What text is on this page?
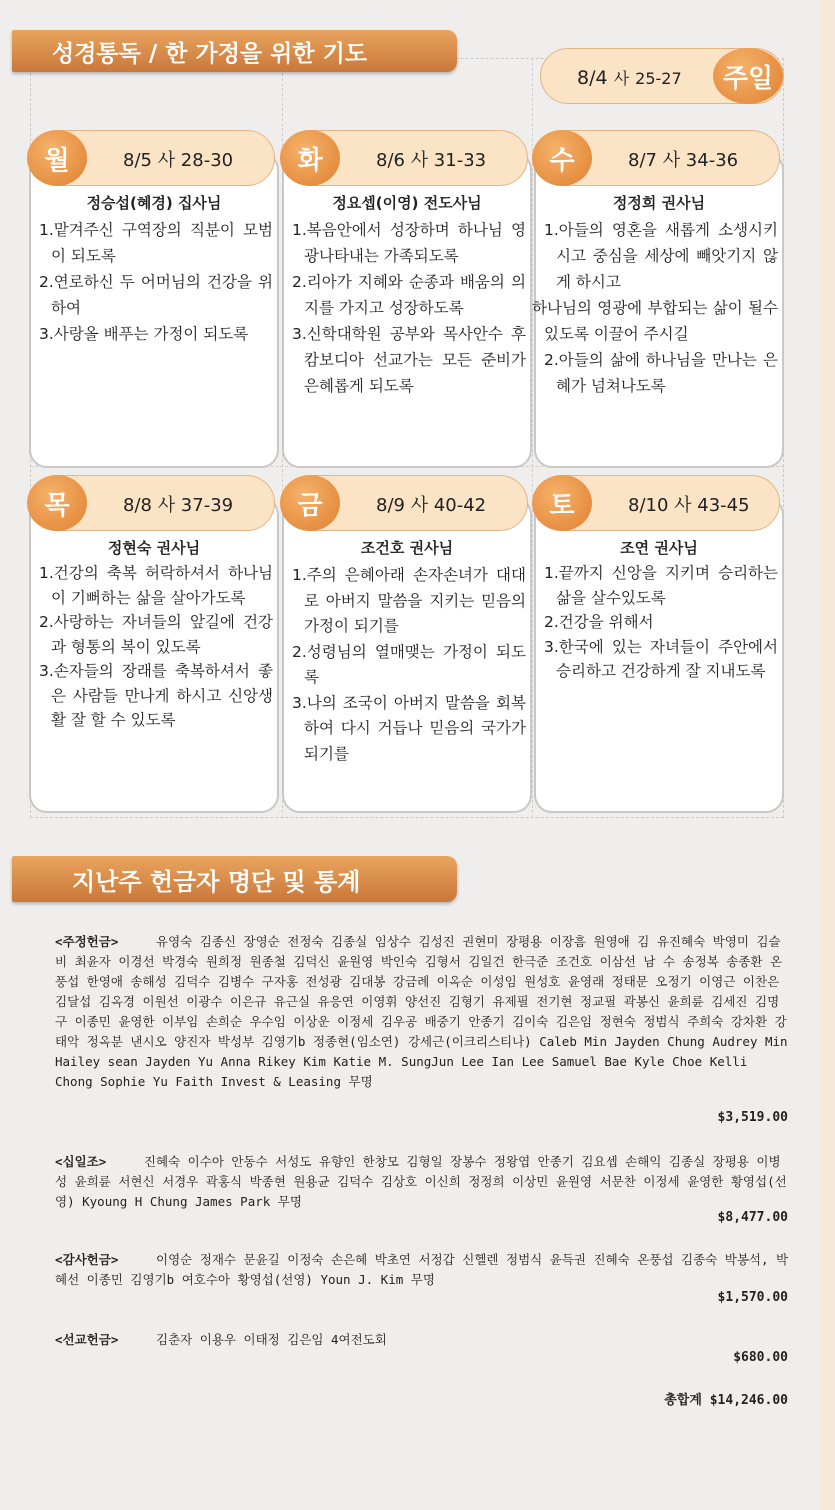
성경통독 / 한 가정을 위한 기도
8/4 사 25-27	주일
월	8/5 사 28-30
정승섭(혜경) 집사님
1.맡겨주신 구역장의 직분이 모범이 되도록
2.연로하신 두 어머님의 건강을 위하여
3.사랑올 배푸는 가정이 되도록
화	8/6 사 31-33
정요셉(이영) 전도사님
1.복음안에서 성장하며 하나님 영광나타내는 가족되도록
2.리아가 지혜와 순종과 배움의 의지를 가지고 성장하도록
3.신학대학원 공부와 목사안수 후 캄보디아 선교가는 모든 준비가 은혜롭게 되도록
수	8/7 사 34-36
정정희 권사님
1.아들의 영혼을 새롭게 소생시키시고 중심을 세상에 빼앗기지 않게 하시고
하나님의 영광에 부합되는 삶이 될수 있도록 이끌어 주시길
2.아들의 삶에 하나님을 만나는 은혜가 넘쳐나도록
목	8/8 사 37-39
정현숙 권사님
1.건강의 축복 허락하셔서 하나님이 기뻐하는 삶을 살아가도록
2.사랑하는 자녀들의 앞길에 건강과 형통의 복이 있도록
3.손자들의 장래를 축복하셔서 좋은 사람들 만나게 하시고 신앙생활 잘 할 수 있도록
금	8/9 사 40-42
조건호 권사님
1.주의 은혜아래 손자손녀가 대대로 아버지 말씀을 지키는 믿음의 가정이 되기를
2.성령님의 열매맺는 가정이 되도록
3.나의 조국이 아버지 말씀을 회복하여 다시 거듭나 믿음의 국가가 되기를
토	8/10 사 43-45
조연 권사님
1.끝까지 신앙을 지키며 승리하는 삶을 살수있도록
2.건강을 위해서
3.한국에 있는 자녀들이 주안에서 승리하고 건강하게 잘 지내도록
지난주 헌금자 명단 및 통계
<주정헌금>	유영숙 김종신 장영순 전정숙 김종실 임상수 김성진 권현미 장평용 이장흠 원영애 김 유진혜숙 박영미 김슬비 최윤자 이경선 박경숙 원희정 원종철 김덕신 윤원영 박인숙 김형서 김일건 한극준 조건호 이삼선 남 수 송정복 송종환 온풍섭 한영애 송해성 김덕수 김병수 구자홍 전성광 김대봉 강금례 이옥순 이성임 원성호 윤영래 정태문 오정기 이영근 이찬은 김달섭 김옥경 이원선 이광수 이은규 유근실 유응연 이영휘 양선진 김형기 유제필 전기현 정교필 곽봉신 윤희륜 김세진 김명구 이종민 윤영한 이부임 손희순 우수임 이상운 이정세 김우공 배중기 안종기 김이숙 김은임 정현숙 정범식 주희숙 강차환 강태악 정옥분 낸시오 양진자 박성부 김영기b 정종현(임소연) 강세근(이크리스티나) Caleb Min Jayden Chung Audrey Min Hailey sean Jayden Yu Anna Rikey Kim Katie M. SungJun Lee Ian Lee Samuel Bae Kyle Choe Kelli Chong Sophie Yu Faith Invest & Leasing 무명
$3,519.00
<십일조>	진혜숙 이수아 안동수 서성도 유향인 한창모 김형일 장봉수 정왕엽 안종기 김요셉 손해익 김종실 장평용 이병성 윤희륜 서현신 서경우 곽홍식 박종현 원용균 김덕수 김상호 이신희 정정희 이상민 윤원영 서문찬 이정세 윤영한 황영섭(선영) Kyoung H Chung James Park 무명
$8,477.00
<감사헌금>	이영순 정재수 문윤길 이정숙 손은혜 박초연 서정갑 신헬렌 정범식 윤득권 진혜숙 온풍섭 김종숙 박봉석, 박혜선 이종민 김영기b 여호수아 황영섭(선영) Youn J. Kim 무명
$1,570.00
<선교헌금>	김춘자 이용우 이태정 김은임 4여전도회
$680.00
총합계 $14,246.00
